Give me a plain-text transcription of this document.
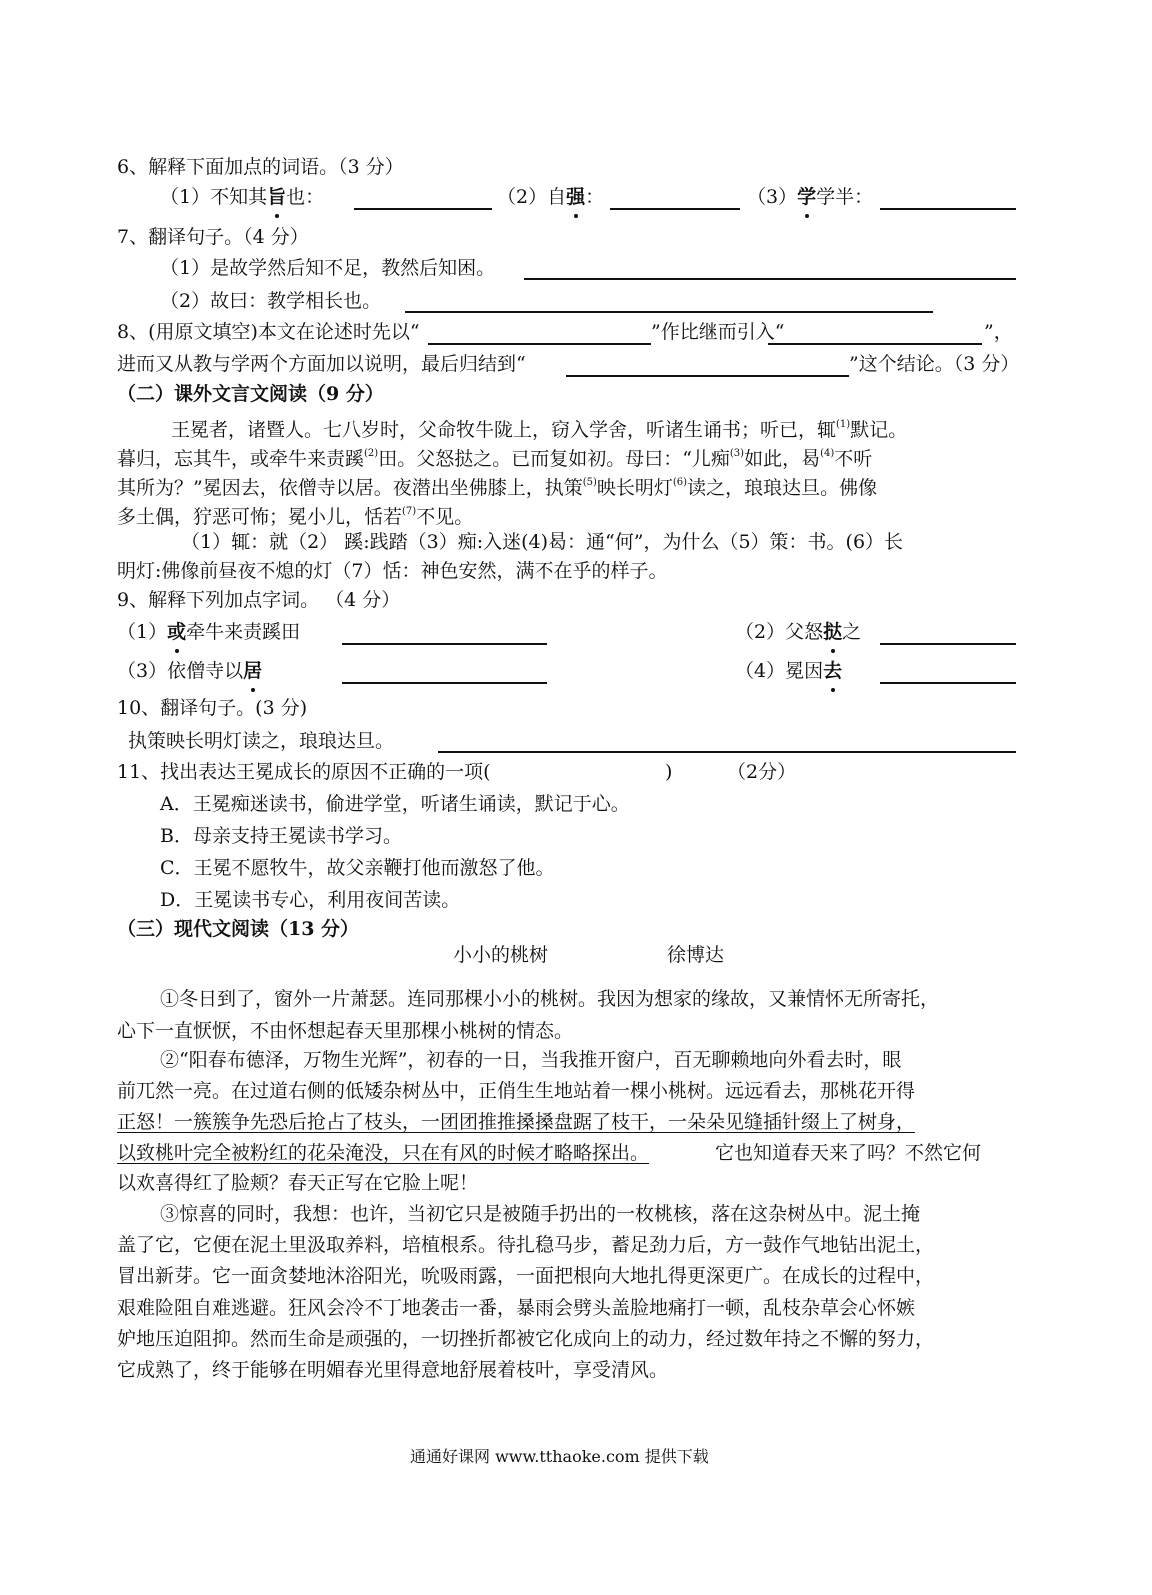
6、解释下面加点的词语。（3 分）
（1）不知其旨也：	（2）自强：	（3）学学半：
7、翻译句子。（4 分）
（1）是故学然后知不足，教然后知困。
（2）故曰：教学相长也。
8、(用原文填空)本文在论述时先以“	”作比继而引入“	”，
进而又从教与学两个方面加以说明，最后归结到“	”这个结论。（3 分）
（二）课外文言文阅读（9 分）
王冕者，诸暨人。七八岁时，父命牧牛陇上，窃入学舍，听诸生诵书；听已，辄$^{(1)}$默记。
暮归，忘其牛，或牵牛来责蹊$^{(2)}$田。父怒挞之。已而复如初。母曰：“儿痴$^{(3)}$如此，曷$^{(4)}$不听
其所为？”冕因去，依僧寺以居。夜潜出坐佛膝上，执策$^{(5)}$映长明灯$^{(6)}$读之，琅琅达旦。佛像
多土偶，狞恶可怖；冕小儿，恬若$^{(7)}$不见。
（1）辄：就（2） 蹊:践踏（3）痴:入迷(4)曷：通“何”，为什么（5）策：书。(6）长
明灯:佛像前昼夜不熄的灯（7）恬：神色安然，满不在乎的样子。
9、解释下列加点字词。 （4 分）
（1）或牵牛来责蹊田	（2）父怒挞之
（3）依僧寺以居	（4）冕因去
10、翻译句子。(3 分)
执策映长明灯读之，琅琅达旦。
11、找出表达王冕成长的原因不正确的一项(	)	（2分）
A．王冕痴迷读书，偷进学堂，听诸生诵读，默记于心。
B．母亲支持王冕读书学习。
C．王冕不愿牧牛，故父亲鞭打他而激怒了他。
D．王冕读书专心，利用夜间苦读。
（三）现代文阅读（13 分）
小小的桃树	徐博达
①冬日到了，窗外一片萧瑟。连同那棵小小的桃树。我因为想家的缘故，又兼情怀无所寄托，
心下一直恹恹，不由怀想起春天里那棵小桃树的情态。
②“阳春布德泽，万物生光辉”，初春的一日，当我推开窗户，百无聊赖地向外看去时，眼
前兀然一亮。在过道右侧的低矮杂树丛中，正俏生生地站着一棵小桃树。远远看去，那桃花开得
正怒！一簇簇争先恐后抢占了枝头，一团团推推搡搡盘踞了枝干，一朵朵见缝插针缀上了树身，
以致桃叶完全被粉红的花朵淹没，只在有风的时候才略略探出。	它也知道春天来了吗？不然它何
以欢喜得红了脸颊？春天正写在它脸上呢！
③惊喜的同时，我想：也许，当初它只是被随手扔出的一枚桃核，落在这杂树丛中。泥土掩
盖了它，它便在泥土里汲取养料，培植根系。待扎稳马步，蓄足劲力后，方一鼓作气地钻出泥土，
冒出新芽。它一面贪婪地沐浴阳光，吮吸雨露，一面把根向大地扎得更深更广。在成长的过程中，
艰难险阻自难逃避。狂风会冷不丁地袭击一番，暴雨会劈头盖脸地痛打一顿，乱枝杂草会心怀嫉
妒地压迫阻抑。然而生命是顽强的，一切挫折都被它化成向上的动力，经过数年持之不懈的努力，
它成熟了，终于能够在明媚春光里得意地舒展着枝叶，享受清风。
通通好课网 www.tthaoke.com 提供下载
